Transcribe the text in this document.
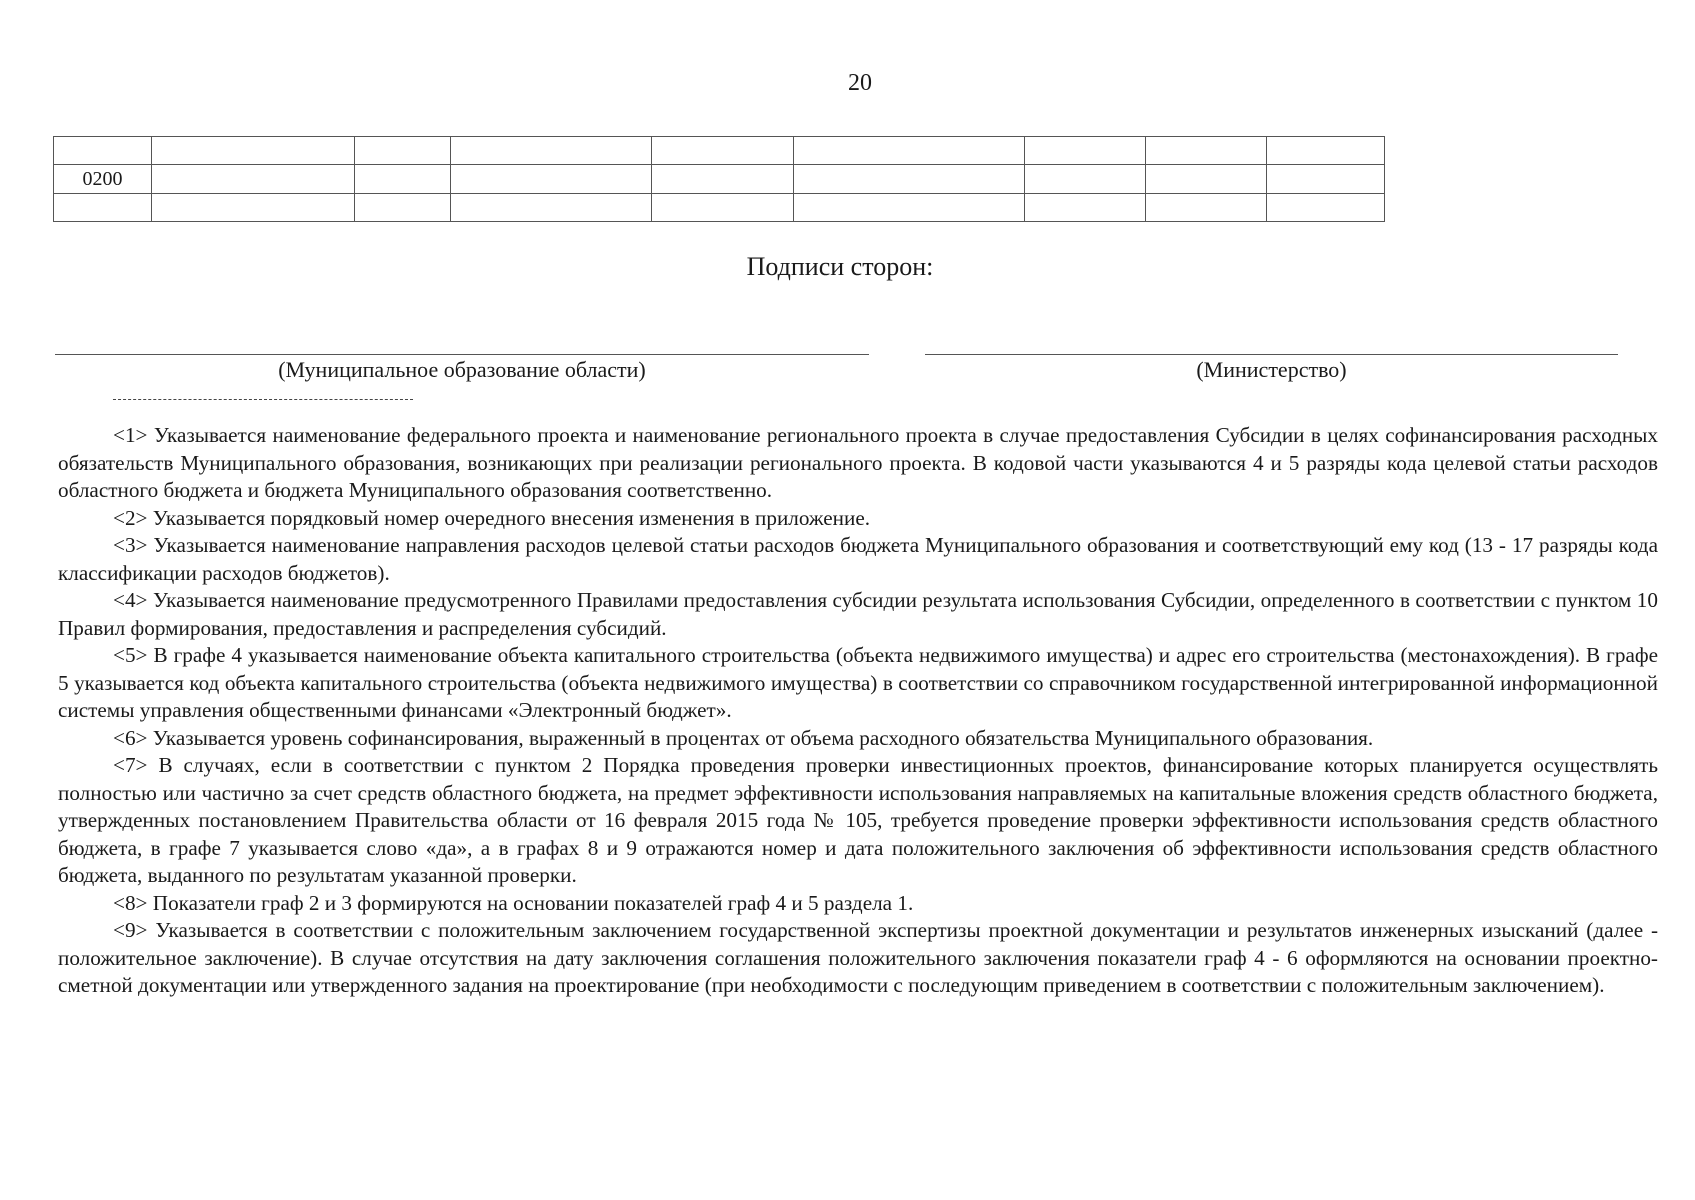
20

0200								

Подписи сторон:
(Муниципальное образование области)	(Министерство)

<1> Указывается наименование федерального проекта и наименование регионального проекта в случае предоставления Субсидии в целях софинансирования расходных обязательств Муниципального образования, возникающих при реализации регионального проекта. В кодовой части указываются 4 и 5 разряды кода целевой статьи расходов областного бюджета и бюджета Муниципального образования соответственно.

<2> Указывается порядковый номер очередного внесения изменения в приложение.

<3> Указывается наименование направления расходов целевой статьи расходов бюджета Муниципального образования и соответствующий ему код (13 - 17 разряды кода классификации расходов бюджетов).

<4> Указывается наименование предусмотренного Правилами предоставления субсидии результата использования Субсидии, определенного в соответствии с пунктом 10 Правил формирования, предоставления и распределения субсидий.

<5> В графе 4 указывается наименование объекта капитального строительства (объекта недвижимого имущества) и адрес его строительства (местонахождения). В графе 5 указывается код объекта капитального строительства (объекта недвижимого имущества) в соответствии со справочником государственной интегрированной информационной системы управления общественными финансами «Электронный бюджет».

<6> Указывается уровень софинансирования, выраженный в процентах от объема расходного обязательства Муниципального образования.

<7> В случаях, если в соответствии с пунктом 2 Порядка проведения проверки инвестиционных проектов, финансирование которых планируется осуществлять полностью или частично за счет средств областного бюджета, на предмет эффективности использования направляемых на капитальные вложения средств областного бюджета, утвержденных постановлением Правительства области от 16 февраля 2015 года № 105, требуется проведение проверки эффективности использования средств областного бюджета, в графе 7 указывается слово «да», а в графах 8 и 9 отражаются номер и дата положительного заключения об эффективности использования средств областного бюджета, выданного по результатам указанной проверки.

<8> Показатели граф 2 и 3 формируются на основании показателей граф 4 и 5 раздела 1.

<9> Указывается в соответствии с положительным заключением государственной экспертизы проектной документации и результатов инженерных изысканий (далее - положительное заключение). В случае отсутствия на дату заключения соглашения положительного заключения показатели граф 4 - 6 оформляются на основании проектно-сметной документации или утвержденного задания на проектирование (при необходимости с последующим приведением в соответствии с положительным заключением).
